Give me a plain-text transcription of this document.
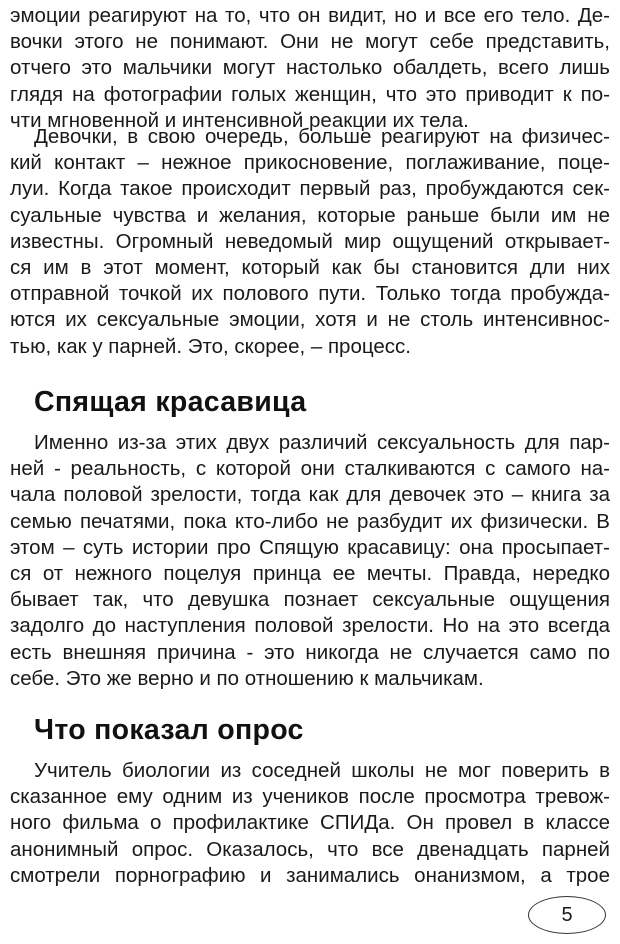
эмоции реагируют на то, что он видит, но и все его тело. Де-
вочки этого не понимают. Они не могут себе представить,
отчего это мальчики могут настолько обалдеть, всего лишь
глядя на фотографии голых женщин, что это приводит к по-
чти мгновенной и интенсивной реакции их тела.
Девочки, в свою очередь, больше реагируют на физичес-
кий контакт – нежное прикосновение, поглаживание, поце-
луи. Когда такое происходит первый раз, пробуждаются сек-
суальные чувства и желания, которые раньше были им не
известны. Огромный неведомый мир ощущений открываeт-
ся им в этот момент, который как бы становится дли них
отправной точкой их полового пути. Только тогда пробужда-
ются их сексуальные эмоции, хотя и не столь интенсивнос-
тью, как у парней. Это, скорее, – процесс.
Спящая красавица
Именно из-за этих двух различий сексуальность для пар-
ней - реальность, с которой они сталкиваются с самого на-
чала половой зрелости, тогда как для девочек это – книга за
семью печатями, пока кто-либо не разбудит их физически. В
этом – суть истории про Спящую красавицу: она просыпает-
ся от нежного поцелуя принца ее мечты. Правда, нередко
бывает так, что девушка познает сексуальные ощущения
задолго до наступления половой зрелости. Но на это всегда
есть внешняя причина - это никогда не случается само по
себе. Это же верно и по отношению к мальчикам.
Что показал опрос
Учитель биологии из соседней школы не мог поверить в
сказанное ему одним из учеников после просмотра тревож-
ного фильма о профилактике СПИДа. Он провел в классе
анонимный опрос. Оказалось, что все двенадцать парней
смотрели порнографию и занимались онанизмом, а трое
5
